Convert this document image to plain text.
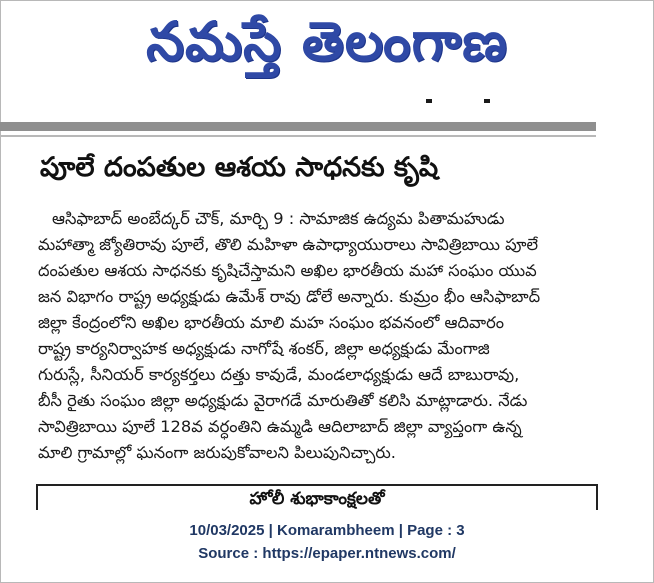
నమస్తే తెలంగాణ
పూలే దంపతుల ఆశయ సాధనకు కృషి
ఆసిఫాబాద్ అంబేద్కర్ చౌక్, మార్చి 9 : సామాజిక ఉద్యమ పితామహుడు
మహాత్మా జ్యోతిరావు పూలే, తొలి మహిళా ఉపాధ్యాయురాలు సావిత్రిబాయి పూలే
దంపతుల ఆశయ సాధనకు కృషిచేస్తామని అఖిల భారతీయ మహా సంఘం యువ
జన విభాగం రాష్ట్ర అధ్యక్షుడు ఉమేశ్ రావు డోలే అన్నారు. కుమ్రం భీం ఆసిఫాబాద్
జిల్లా కేంద్రంలోని అఖిల భారతీయ మాలి మహ సంఘం భవనంలో ఆదివారం
రాష్ట్ర కార్యనిర్వాహక అధ్యక్షుడు నాగోషే శంకర్, జిల్లా అధ్యక్షుడు మేంగాజి
గురుస్లే, సీనియర్ కార్యకర్తలు దత్తు కావుడే, మండలాధ్యక్షుడు ఆదే బాబురావు,
బీసీ రైతు సంఘం జిల్లా అధ్యక్షుడు వైరాగడే మారుతితో కలిసి మాట్లాడారు. నేడు
సావిత్రిబాయి పూలే 128వ వర్ధంతిని ఉమ్మడి ఆదిలాబాద్ జిల్లా వ్యాప్తంగా ఉన్న
మాలి గ్రామాల్లో ఘనంగా జరుపుకోవాలని పిలుపునిచ్చారు.
హోలీ శుభాకాంక్షలతో
10/03/2025 | Komarambheem | Page : 3
Source : https://epaper.ntnews.com/
